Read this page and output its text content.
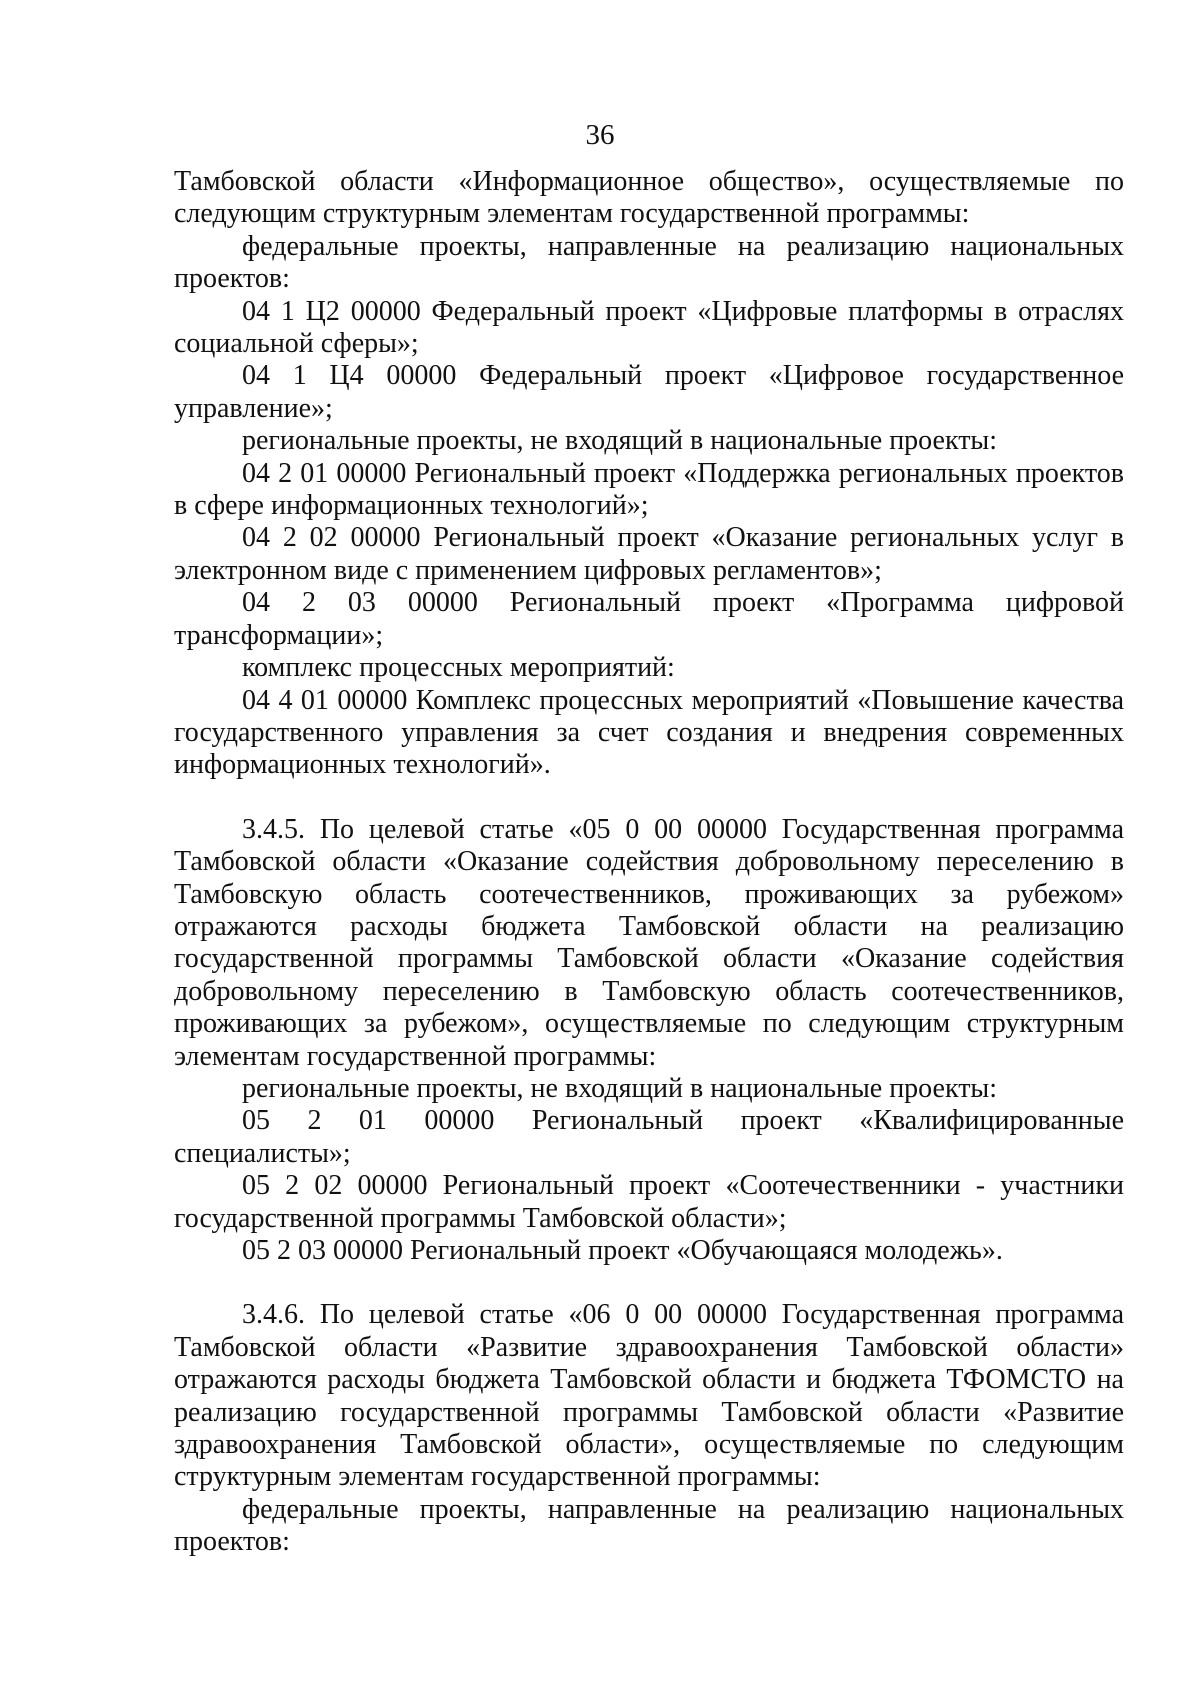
36

Тамбовской области «Информационное общество», осуществляемые по следующим структурным элементам государственной программы:

федеральные проекты, направленные на реализацию национальных проектов:

04 1 Ц2 00000 Федеральный проект «Цифровые платформы в отраслях социальной сферы»;

04 1 Ц4 00000 Федеральный проект «Цифровое государственное управление»;

региональные проекты, не входящий в национальные проекты:

04 2 01 00000 Региональный проект «Поддержка региональных проектов в сфере информационных технологий»;

04 2 02 00000 Региональный проект «Оказание региональных услуг в электронном виде с применением цифровых регламентов»;

04 2 03 00000 Региональный проект «Программа цифровой трансформации»;

комплекс процессных мероприятий:

04 4 01 00000 Комплекс процессных мероприятий «Повышение качества государственного управления за счет создания и внедрения современных информационных технологий».

3.4.5. По целевой статье «05 0 00 00000 Государственная программа Тамбовской области «Оказание содействия добровольному переселению в Тамбовскую область соотечественников, проживающих за рубежом» отражаются расходы бюджета Тамбовской области на реализацию государственной программы Тамбовской области «Оказание содействия добровольному переселению в Тамбовскую область соотечественников, проживающих за рубежом», осуществляемые по следующим структурным элементам государственной программы:

региональные проекты, не входящий в национальные проекты:

05 2 01 00000 Региональный проект «Квалифицированные специалисты»;

05 2 02 00000 Региональный проект «Соотечественники - участники государственной программы Тамбовской области»;

05 2 03 00000 Региональный проект «Обучающаяся молодежь».

3.4.6. По целевой статье «06 0 00 00000 Государственная программа Тамбовской области «Развитие здравоохранения Тамбовской области» отражаются расходы бюджета Тамбовской области и бюджета ТФОМСТО на реализацию государственной программы Тамбовской области «Развитие здравоохранения Тамбовской области», осуществляемые по следующим структурным элементам государственной программы:

федеральные проекты, направленные на реализацию национальных проектов:
